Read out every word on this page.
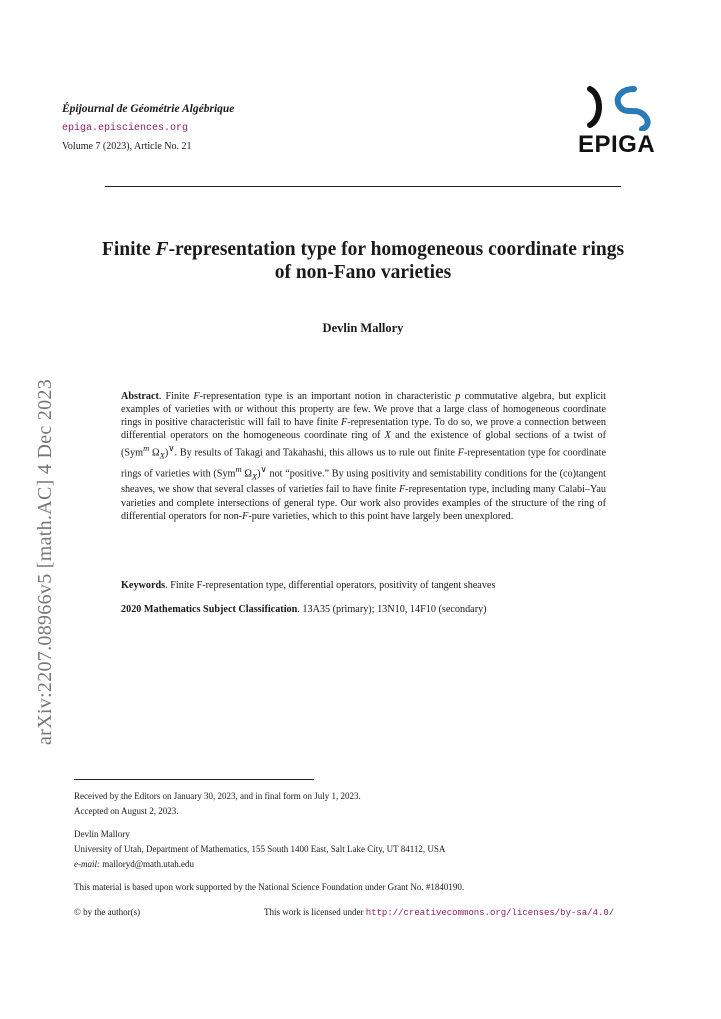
Épijournal de Géométrie Algébrique
epiga.episciences.org
Volume 7 (2023), Article No. 21	EPIGA
Finite F-representation type for homogeneous coordinate rings
of non-Fano varieties
Devlin Mallory
Abstract. Finite F-representation type is an important notion in characteristic p commutative algebra, but explicit examples of varieties with or without this property are few. We prove that a large class of homogeneous coordinate rings in positive characteristic will fail to have finite F-representation type. To do so, we prove a connection between differential operators on the homogeneous coordinate ring of X and the existence of global sections of a twist of (Sym$^m$ $\Omega_X)^\vee$. By results of Takagi and Takahashi, this allows us to rule out finite F-representation type for coordinate rings of varieties with (Sym$^m$ $\Omega_X)^\vee$ not “positive.” By using positivity and semistability conditions for the (co)tangent sheaves, we show that several classes of varieties fail to have finite F-representation type, including many Calabi–Yau varieties and complete intersections of general type. Our work also provides examples of the structure of the ring of differential operators for non-F-pure varieties, which to this point have largely been unexplored.
Keywords. Finite F-representation type, differential operators, positivity of tangent sheaves
2020 Mathematics Subject Classification. 13A35 (primary); 13N10, 14F10 (secondary)
arXiv:2207.08966v5 [math.AC] 4 Dec 2023
Received by the Editors on January 30, 2023, and in final form on July 1, 2023.
Accepted on August 2, 2023.
Devlin Mallory
University of Utah, Department of Mathematics, 155 South 1400 East, Salt Lake City, UT 84112, USA
e-mail: malloryd@math.utah.edu
This material is based upon work supported by the National Science Foundation under Grant No. #1840190.
© by the author(s)	This work is licensed under http://creativecommons.org/licenses/by-sa/4.0/
